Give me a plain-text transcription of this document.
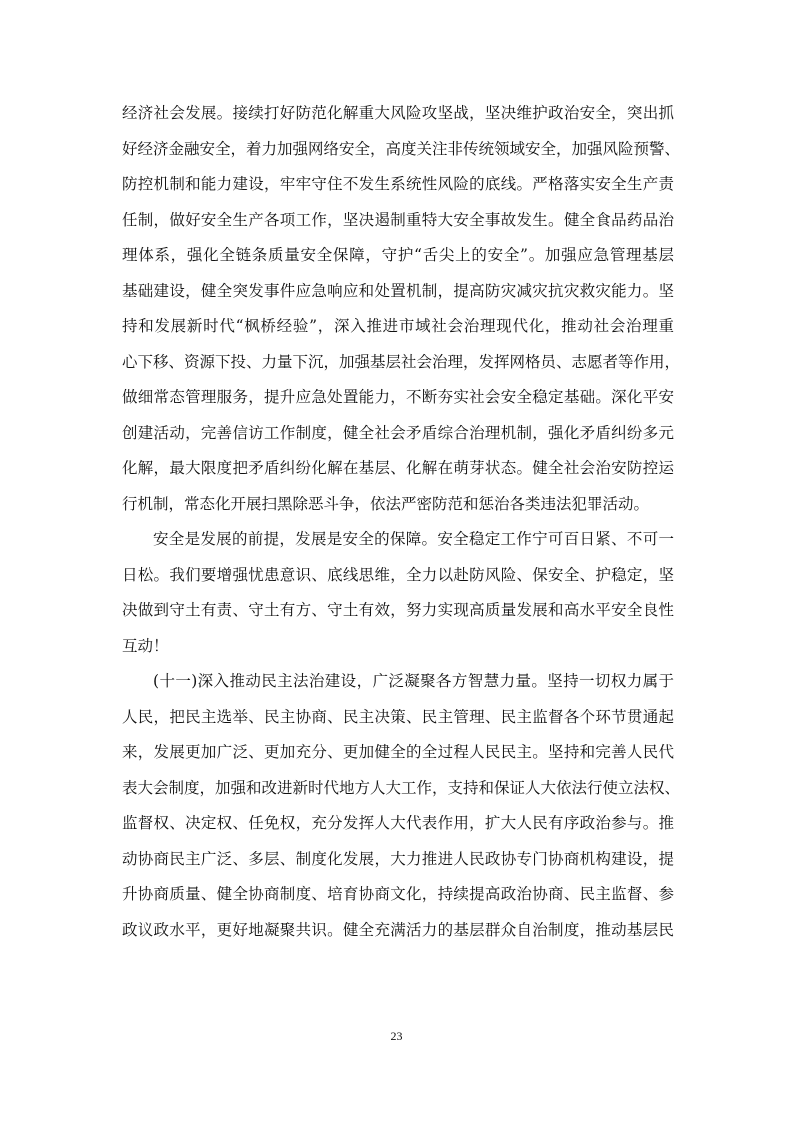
经济社会发展。接续打好防范化解重大风险攻坚战，坚决维护政治安全，突出抓
好经济金融安全，着力加强网络安全，高度关注非传统领域安全，加强风险预警、
防控机制和能力建设，牢牢守住不发生系统性风险的底线。严格落实安全生产责
任制，做好安全生产各项工作，坚决遏制重特大安全事故发生。健全食品药品治
理体系，强化全链条质量安全保障，守护“舌尖上的安全”。加强应急管理基层
基础建设，健全突发事件应急响应和处置机制，提高防灾减灾抗灾救灾能力。坚
持和发展新时代“枫桥经验”，深入推进市域社会治理现代化，推动社会治理重
心下移、资源下投、力量下沉，加强基层社会治理，发挥网格员、志愿者等作用，
做细常态管理服务，提升应急处置能力，不断夯实社会安全稳定基础。深化平安
创建活动，完善信访工作制度，健全社会矛盾综合治理机制，强化矛盾纠纷多元
化解，最大限度把矛盾纠纷化解在基层、化解在萌芽状态。健全社会治安防控运
行机制，常态化开展扫黑除恶斗争，依法严密防范和惩治各类违法犯罪活动。
安全是发展的前提，发展是安全的保障。安全稳定工作宁可百日紧、不可一
日松。我们要增强忧患意识、底线思维，全力以赴防风险、保安全、护稳定，坚
决做到守土有责、守土有方、守土有效，努力实现高质量发展和高水平安全良性
互动！
(十一)深入推动民主法治建设，广泛凝聚各方智慧力量。坚持一切权力属于
人民，把民主选举、民主协商、民主决策、民主管理、民主监督各个环节贯通起
来，发展更加广泛、更加充分、更加健全的全过程人民民主。坚持和完善人民代
表大会制度，加强和改进新时代地方人大工作，支持和保证人大依法行使立法权、
监督权、决定权、任免权，充分发挥人大代表作用，扩大人民有序政治参与。推
动协商民主广泛、多层、制度化发展，大力推进人民政协专门协商机构建设，提
升协商质量、健全协商制度、培育协商文化，持续提高政治协商、民主监督、参
政议政水平，更好地凝聚共识。健全充满活力的基层群众自治制度，推动基层民
23
